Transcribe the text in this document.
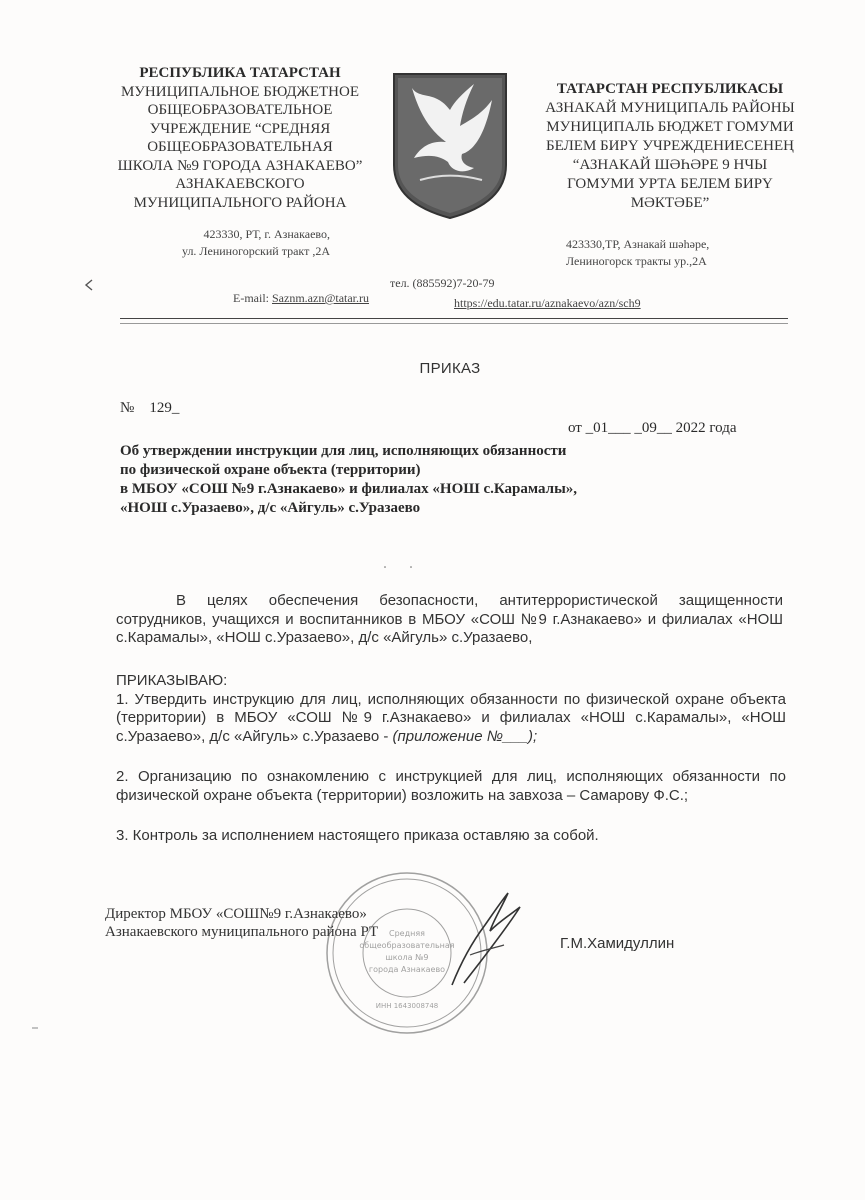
РЕСПУБЛИКА ТАТАРСТАН
МУНИЦИПАЛЬНОЕ БЮДЖЕТНОЕ
ОБЩЕОБРАЗОВАТЕЛЬНОЕ
УЧРЕЖДЕНИЕ “СРЕДНЯЯ
ОБЩЕОБРАЗОВАТЕЛЬНАЯ
ШКОЛА №9 ГОРОДА АЗНАКАЕВО”
АЗНАКАЕВСКОГО
МУНИЦИПАЛЬНОГО РАЙОНА
423330, РТ, г. Азнакаево,
ул. Лениногорский тракт ,2А
ТАТАРСТАН РЕСПУБЛИКАСЫ
АЗНАКАЙ МУНИЦИПАЛЬ РАЙОНЫ
МУНИЦИПАЛЬ БЮДЖЕТ ГОМУМИ
БЕЛЕМ БИРҮ УЧРЕЖДЕНИЕСЕНЕҢ
“АЗНАКАЙ ШӘҺӘРЕ 9 НЧЫ
ГОМУМИ УРТА БЕЛЕМ БИРҮ
МӘКТӘБЕ”
423330,ТР, Азнакай шәһәре,
Лениногорск тракты ур.,2А
тел. (885592)7-20-79
E-mail: Saznm.azn@tatar.ru	https://edu.tatar.ru/aznakaevo/azn/sch9
ПРИКАЗ
№ 129_
от _01___ _09__ 2022 года
Об утверждении инструкции для лиц, исполняющих обязанности
по физической охране объекта (территории)
в МБОУ «СОШ №9 г.Азнакаево» и филиалах «НОШ с.Карамалы»,
«НОШ с.Уразаево», д/с «Айгуль» с.Уразаево
В целях обеспечения безопасности, антитеррористической защищенности сотрудников, учащихся и воспитанников в МБОУ «СОШ №9 г.Азнакаево» и филиалах «НОШ с.Карамалы», «НОШ с.Уразаево», д/с «Айгуль» с.Уразаево,

ПРИКАЗЫВАЮ:

1. Утвердить инструкцию для лиц, исполняющих обязанности по физической охране объекта (территории) в МБОУ «СОШ №9 г.Азнакаево» и филиалах «НОШ с.Карамалы», «НОШ с.Уразаево», д/с «Айгуль» с.Уразаево - (приложение №___);

2. Организацию по ознакомлению с инструкцией для лиц, исполняющих обязанности по физической охране объекта (территории) возложить на завхоза – Самарову Ф.С.;

3. Контроль за исполнением настоящего приказа оставляю за собой.

Директор МБОУ «СОШ№9 г.Азнакаево»
Азнакаевского муниципального района РТ
Г.М.Хамидуллин
Средняя
общеобразовательная
школа №9
города Азнакаево
ИНН 1643008748
